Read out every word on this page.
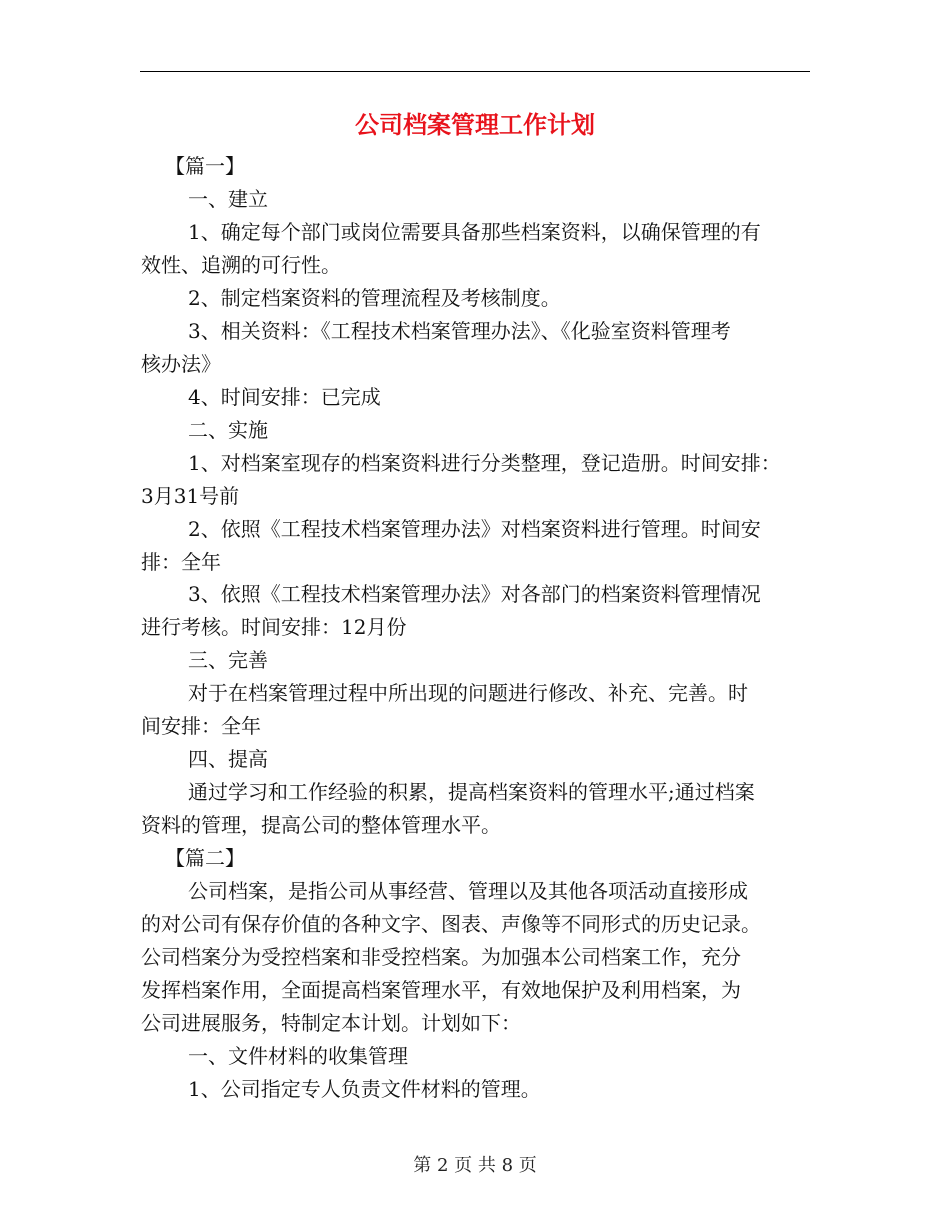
公司档案管理工作计划
【篇一】
一、建立
1、确定每个部门或岗位需要具备那些档案资料，以确保管理的有
效性、追溯的可行性。
2、制定档案资料的管理流程及考核制度。
3、相关资料：《工程技术档案管理办法》、《化验室资料管理考
核办法》
4、时间安排：已完成
二、实施
1、对档案室现存的档案资料进行分类整理，登记造册。时间安排：
3月31号前
2、依照《工程技术档案管理办法》对档案资料进行管理。时间安
排：全年
3、依照《工程技术档案管理办法》对各部门的档案资料管理情况
进行考核。时间安排：12月份
三、完善
对于在档案管理过程中所出现的问题进行修改、补充、完善。时
间安排：全年
四、提高
通过学习和工作经验的积累，提高档案资料的管理水平;通过档案
资料的管理，提高公司的整体管理水平。
【篇二】
公司档案，是指公司从事经营、管理以及其他各项活动直接形成
的对公司有保存价值的各种文字、图表、声像等不同形式的历史记录。
公司档案分为受控档案和非受控档案。为加强本公司档案工作，充分
发挥档案作用，全面提高档案管理水平，有效地保护及利用档案，为
公司进展服务，特制定本计划。计划如下：
一、文件材料的收集管理
1、公司指定专人负责文件材料的管理。
第 2 页 共 8 页
